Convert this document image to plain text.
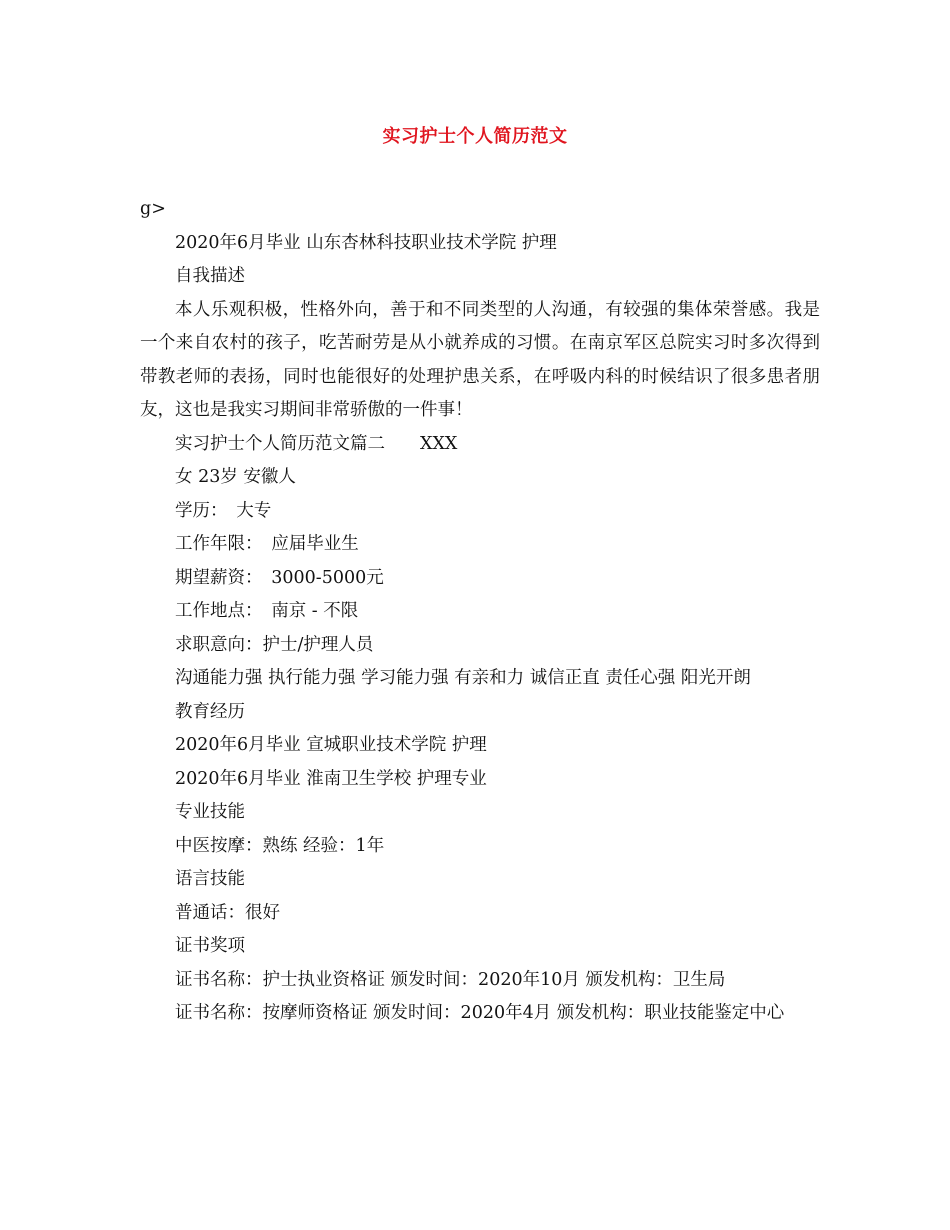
实习护士个人简历范文
g>
2020年6月毕业 山东杏林科技职业技术学院 护理
自我描述
本人乐观积极，性格外向，善于和不同类型的人沟通，有较强的集体荣誉感。我是一个来自农村的孩子，吃苦耐劳是从小就养成的习惯。在南京军区总院实习时多次得到带教老师的表扬，同时也能很好的处理护患关系，在呼吸内科的时候结识了很多患者朋友，这也是我实习期间非常骄傲的一件事！
实习护士个人简历范文篇二　　XXX
女 23岁 安徽人
学历：　大专
工作年限：　应届毕业生
期望薪资：　3000-5000元
工作地点：　南京 - 不限
求职意向：护士/护理人员
沟通能力强 执行能力强 学习能力强 有亲和力 诚信正直 责任心强 阳光开朗
教育经历
2020年6月毕业 宣城职业技术学院 护理
2020年6月毕业 淮南卫生学校 护理专业
专业技能
中医按摩：熟练 经验：1年
语言技能
普通话：很好
证书奖项
证书名称：护士执业资格证 颁发时间：2020年10月 颁发机构：卫生局
证书名称：按摩师资格证 颁发时间：2020年4月 颁发机构：职业技能鉴定中心
